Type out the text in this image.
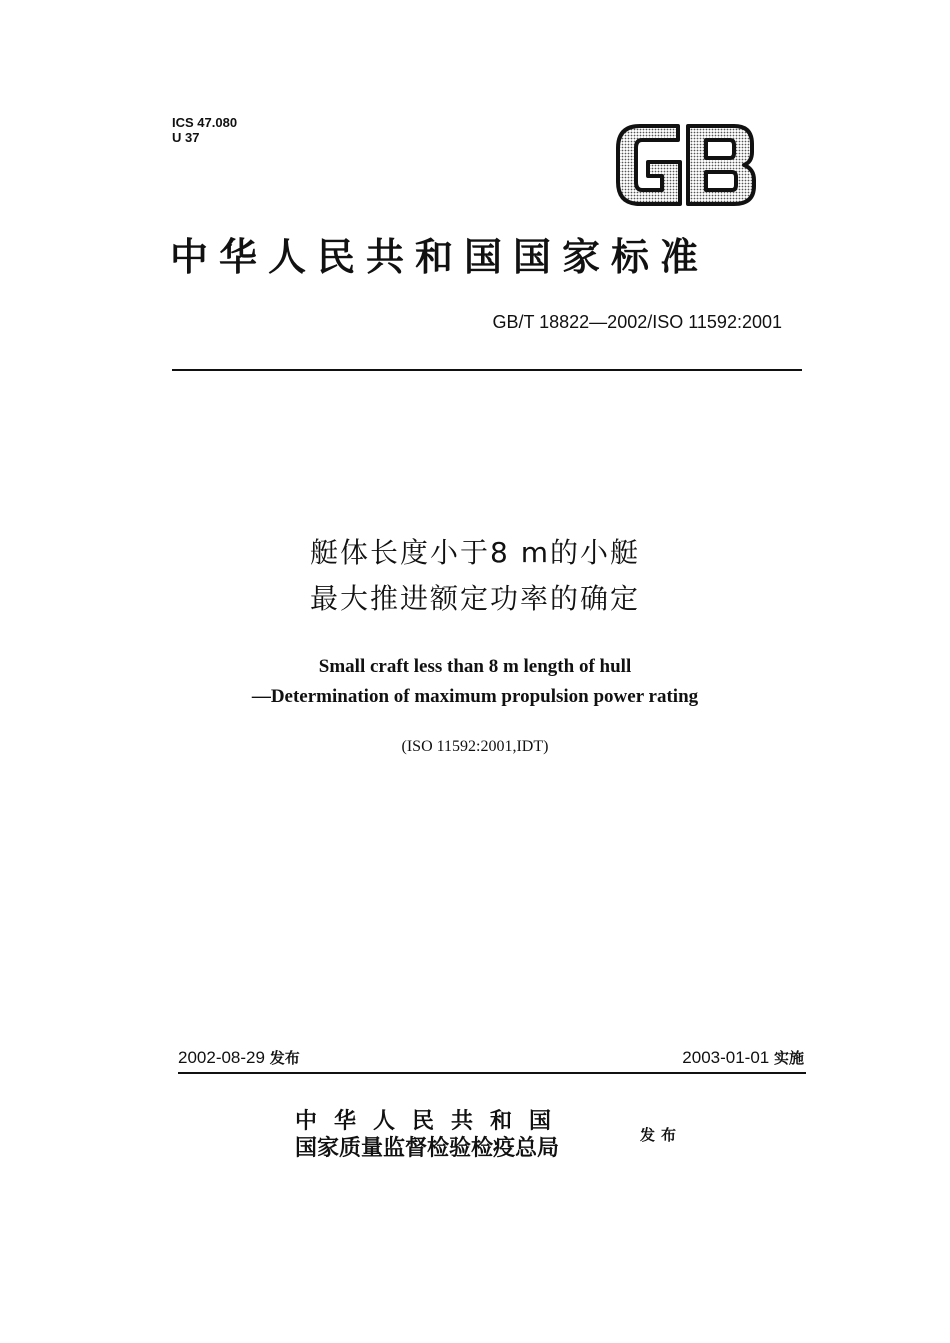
ICS 47.080
U 37
中华人民共和国国家标准
GB/T 18822—2002/ISO 11592:2001
艇体长度小于8 m的小艇
最大推进额定功率的确定
Small craft less than 8 m length of hull
—Determination of maximum propulsion power rating
(ISO 11592:2001,IDT)
2002-08-29 发布	2003-01-01 实施
中华人民共和国
国家质量监督检验检疫总局
发布
